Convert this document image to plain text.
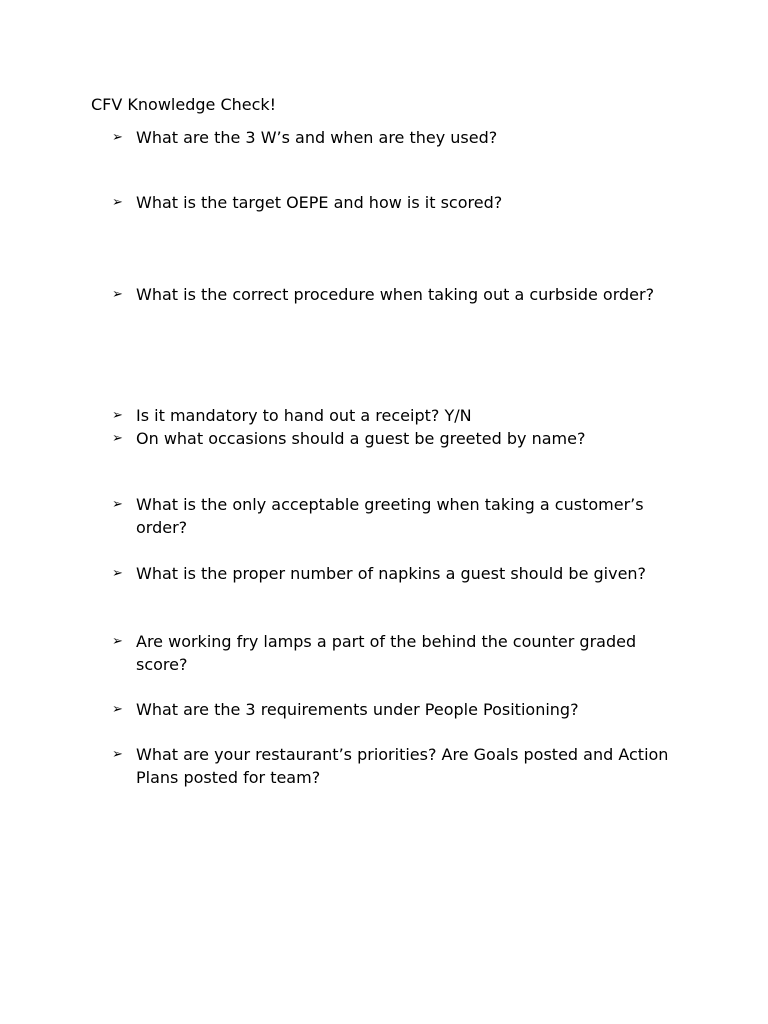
CFV Knowledge Check!
➢ What are the 3 W’s and when are they used?
➢ What is the target OEPE and how is it scored?
➢ What is the correct procedure when taking out a curbside order?
➢ Is it mandatory to hand out a receipt? Y/N
➢ On what occasions should a guest be greeted by name?
➢ What is the only acceptable greeting when taking a customer’s order?
➢ What is the proper number of napkins a guest should be given?
➢ Are working fry lamps a part of the behind the counter graded score?
➢ What are the 3 requirements under People Positioning?
➢ What are your restaurant’s priorities? Are Goals posted and Action Plans posted for team?
